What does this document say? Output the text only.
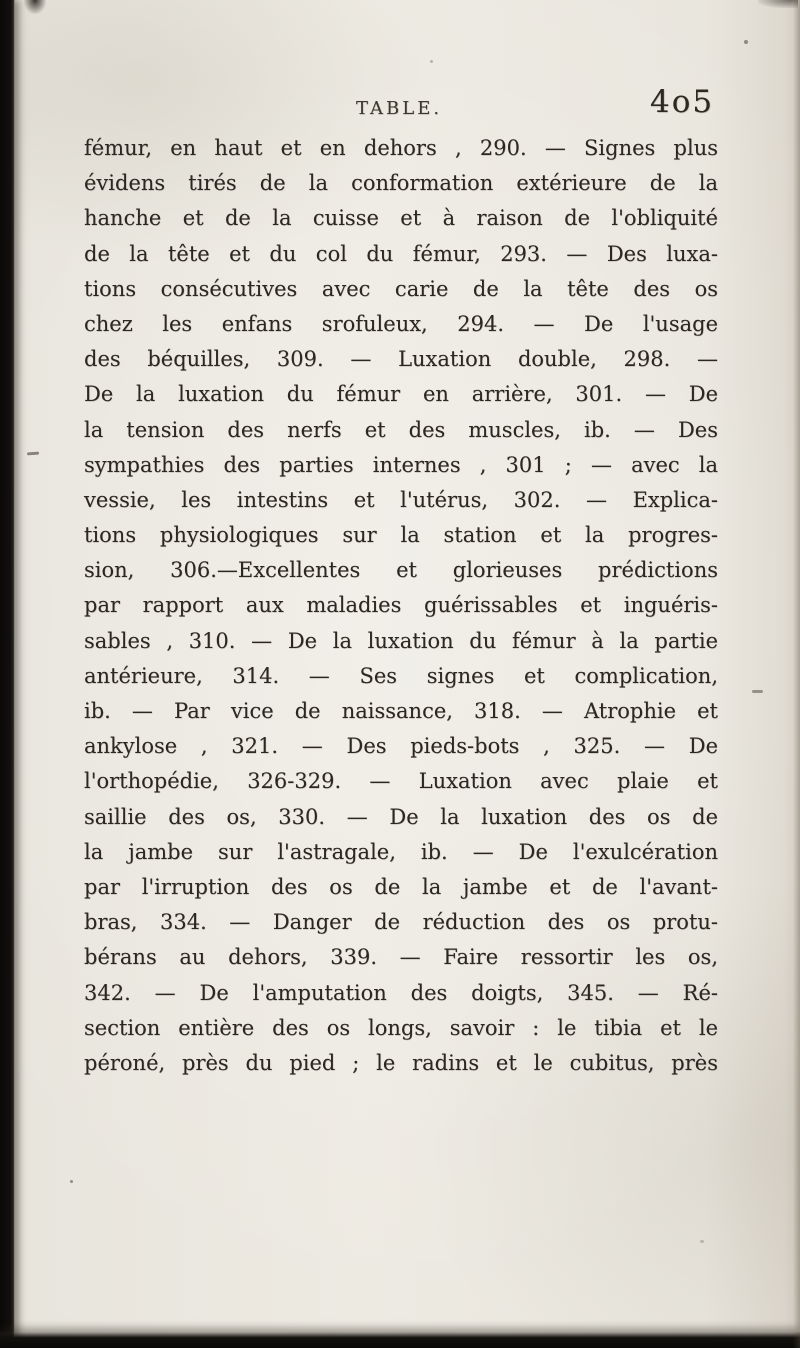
TABLE.	4o5
fémur, en haut et en dehors , 290. — Signes plus
évidens tirés de la conformation extérieure de la
hanche et de la cuisse et à raison de l'obliquité
de la tête et du col du fémur, 293. — Des luxa-
tions consécutives avec carie de la tête des os
chez les enfans srofuleux, 294. — De l'usage
des béquilles, 309. — Luxation double, 298. —
De la luxation du fémur en arrière, 301. — De
la tension des nerfs et des muscles, ib. — Des
sympathies des parties internes , 301 ; — avec la
vessie, les intestins et l'utérus, 302. — Explica-
tions physiologiques sur la station et la progres-
sion, 306.—Excellentes et glorieuses prédictions
par rapport aux maladies guérissables et inguéris-
sables , 310. — De la luxation du fémur à la partie
antérieure, 314. — Ses signes et complication,
ib. — Par vice de naissance, 318. — Atrophie et
ankylose , 321. — Des pieds-bots , 325. — De
l'orthopédie, 326-329. — Luxation avec plaie et
saillie des os, 330. — De la luxation des os de
la jambe sur l'astragale, ib. — De l'exulcération
par l'irruption des os de la jambe et de l'avant-
bras, 334. — Danger de réduction des os protu-
bérans au dehors, 339. — Faire ressortir les os,
342. — De l'amputation des doigts, 345. — Ré-
section entière des os longs, savoir : le tibia et le
péroné, près du pied ; le radins et le cubitus, près
